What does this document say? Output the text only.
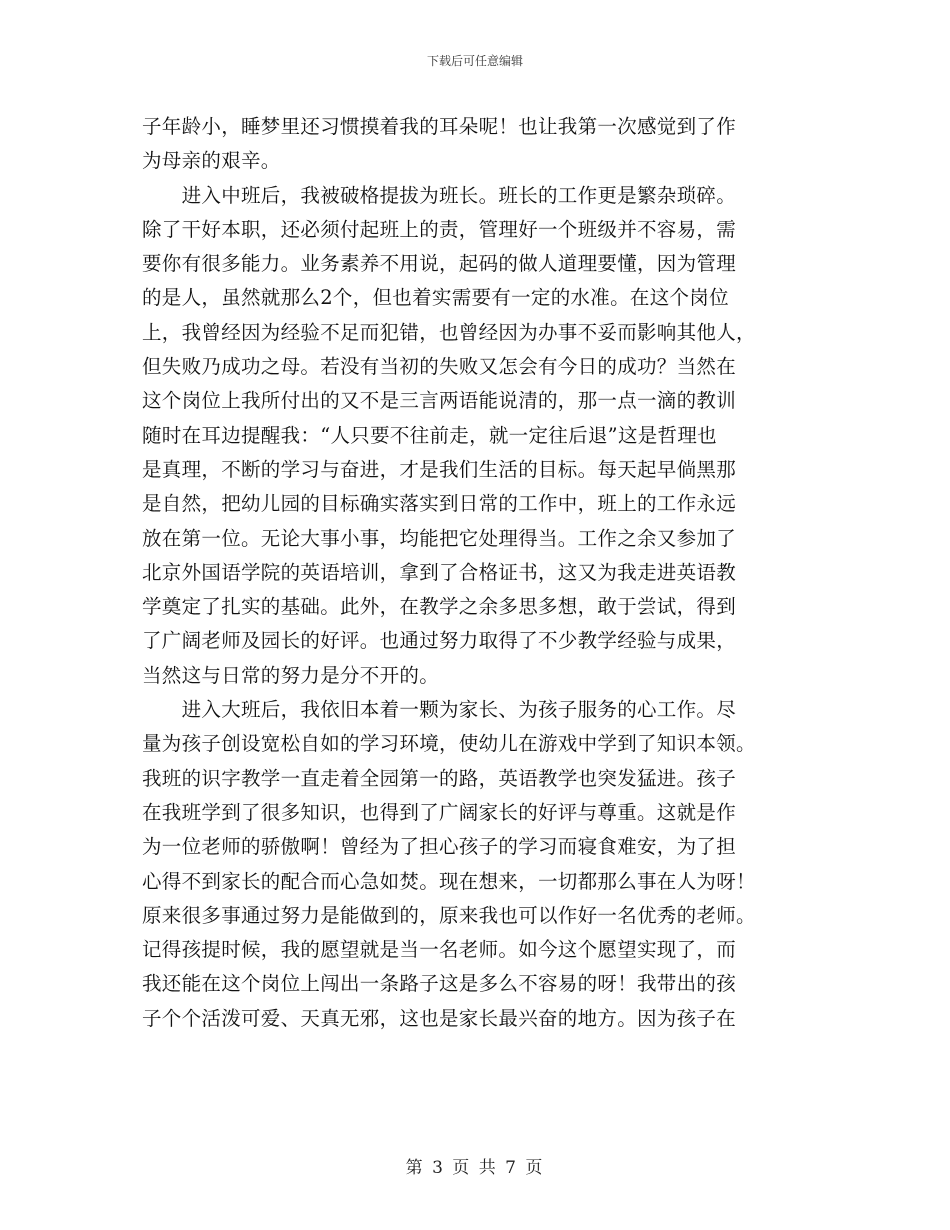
下载后可任意编辑
子年龄小，睡梦里还习惯摸着我的耳朵呢！也让我第一次感觉到了作
为母亲的艰辛。
　　进入中班后，我被破格提拔为班长。班长的工作更是繁杂琐碎。
除了干好本职，还必须付起班上的责，管理好一个班级并不容易，需
要你有很多能力。业务素养不用说，起码的做人道理要懂，因为管理
的是人，虽然就那么2个，但也着实需要有一定的水准。在这个岗位
上，我曾经因为经验不足而犯错，也曾经因为办事不妥而影响其他人，
但失败乃成功之母。若没有当初的失败又怎会有今日的成功？当然在
这个岗位上我所付出的又不是三言两语能说清的，那一点一滴的教训
随时在耳边提醒我：“人只要不往前走，就一定往后退”这是哲理也
是真理，不断的学习与奋进，才是我们生活的目标。每天起早倘黑那
是自然，把幼儿园的目标确实落实到日常的工作中，班上的工作永远
放在第一位。无论大事小事，均能把它处理得当。工作之余又参加了
北京外国语学院的英语培训，拿到了合格证书，这又为我走进英语教
学奠定了扎实的基础。此外，在教学之余多思多想，敢于尝试，得到
了广阔老师及园长的好评。也通过努力取得了不少教学经验与成果，
当然这与日常的努力是分不开的。
　　进入大班后，我依旧本着一颗为家长、为孩子服务的心工作。尽
量为孩子创设宽松自如的学习环境，使幼儿在游戏中学到了知识本领。
我班的识字教学一直走着全园第一的路，英语教学也突发猛进。孩子
在我班学到了很多知识，也得到了广阔家长的好评与尊重。这就是作
为一位老师的骄傲啊！曾经为了担心孩子的学习而寝食难安，为了担
心得不到家长的配合而心急如焚。现在想来，一切都那么事在人为呀！
原来很多事通过努力是能做到的，原来我也可以作好一名优秀的老师。
记得孩提时候，我的愿望就是当一名老师。如今这个愿望实现了，而
我还能在这个岗位上闯出一条路子这是多么不容易的呀！我带出的孩
子个个活泼可爱、天真无邪，这也是家长最兴奋的地方。因为孩子在
第 3 页 共 7 页
